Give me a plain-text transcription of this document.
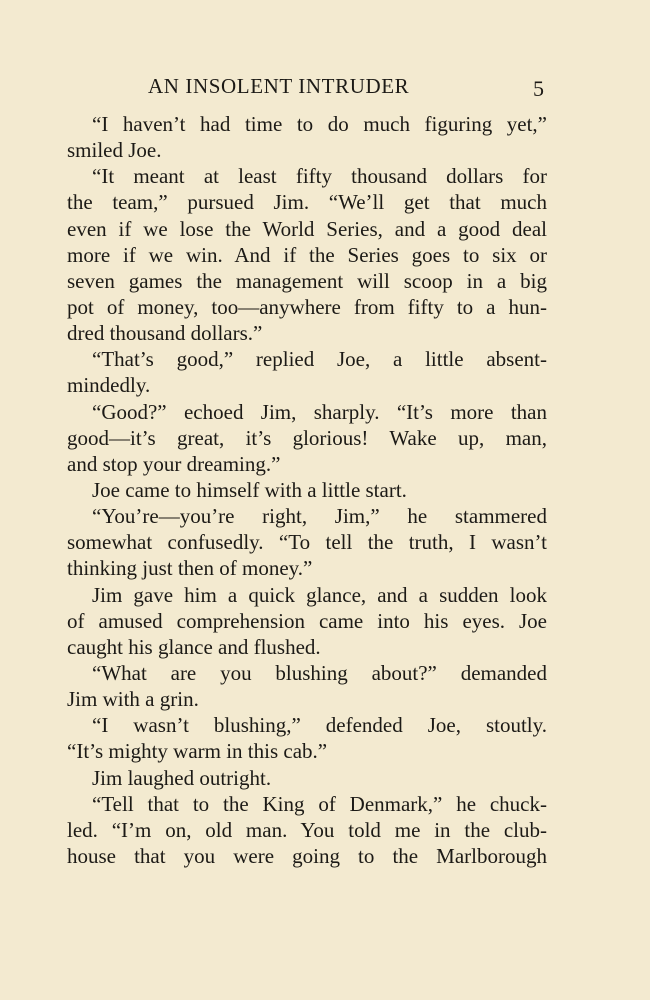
AN INSOLENT INTRUDER	5
“I haven’t had time to do much figuring yet,”
smiled Joe.
“It meant at least fifty thousand dollars for
the team,” pursued Jim. “We’ll get that much
even if we lose the World Series, and a good deal
more if we win. And if the Series goes to six or
seven games the management will scoop in a big
pot of money, too—anywhere from fifty to a hun-
dred thousand dollars.”
“That’s good,” replied Joe, a little absent-
mindedly.
“Good?” echoed Jim, sharply. “It’s more than
good—it’s great, it’s glorious! Wake up, man,
and stop your dreaming.”
Joe came to himself with a little start.
“You’re—you’re right, Jim,” he stammered
somewhat confusedly. “To tell the truth, I wasn’t
thinking just then of money.”
Jim gave him a quick glance, and a sudden look
of amused comprehension came into his eyes. Joe
caught his glance and flushed.
“What are you blushing about?” demanded
Jim with a grin.
“I wasn’t blushing,” defended Joe, stoutly.
“It’s mighty warm in this cab.”
Jim laughed outright.
“Tell that to the King of Denmark,” he chuck-
led. “I’m on, old man. You told me in the club-
house that you were going to the Marlborough
